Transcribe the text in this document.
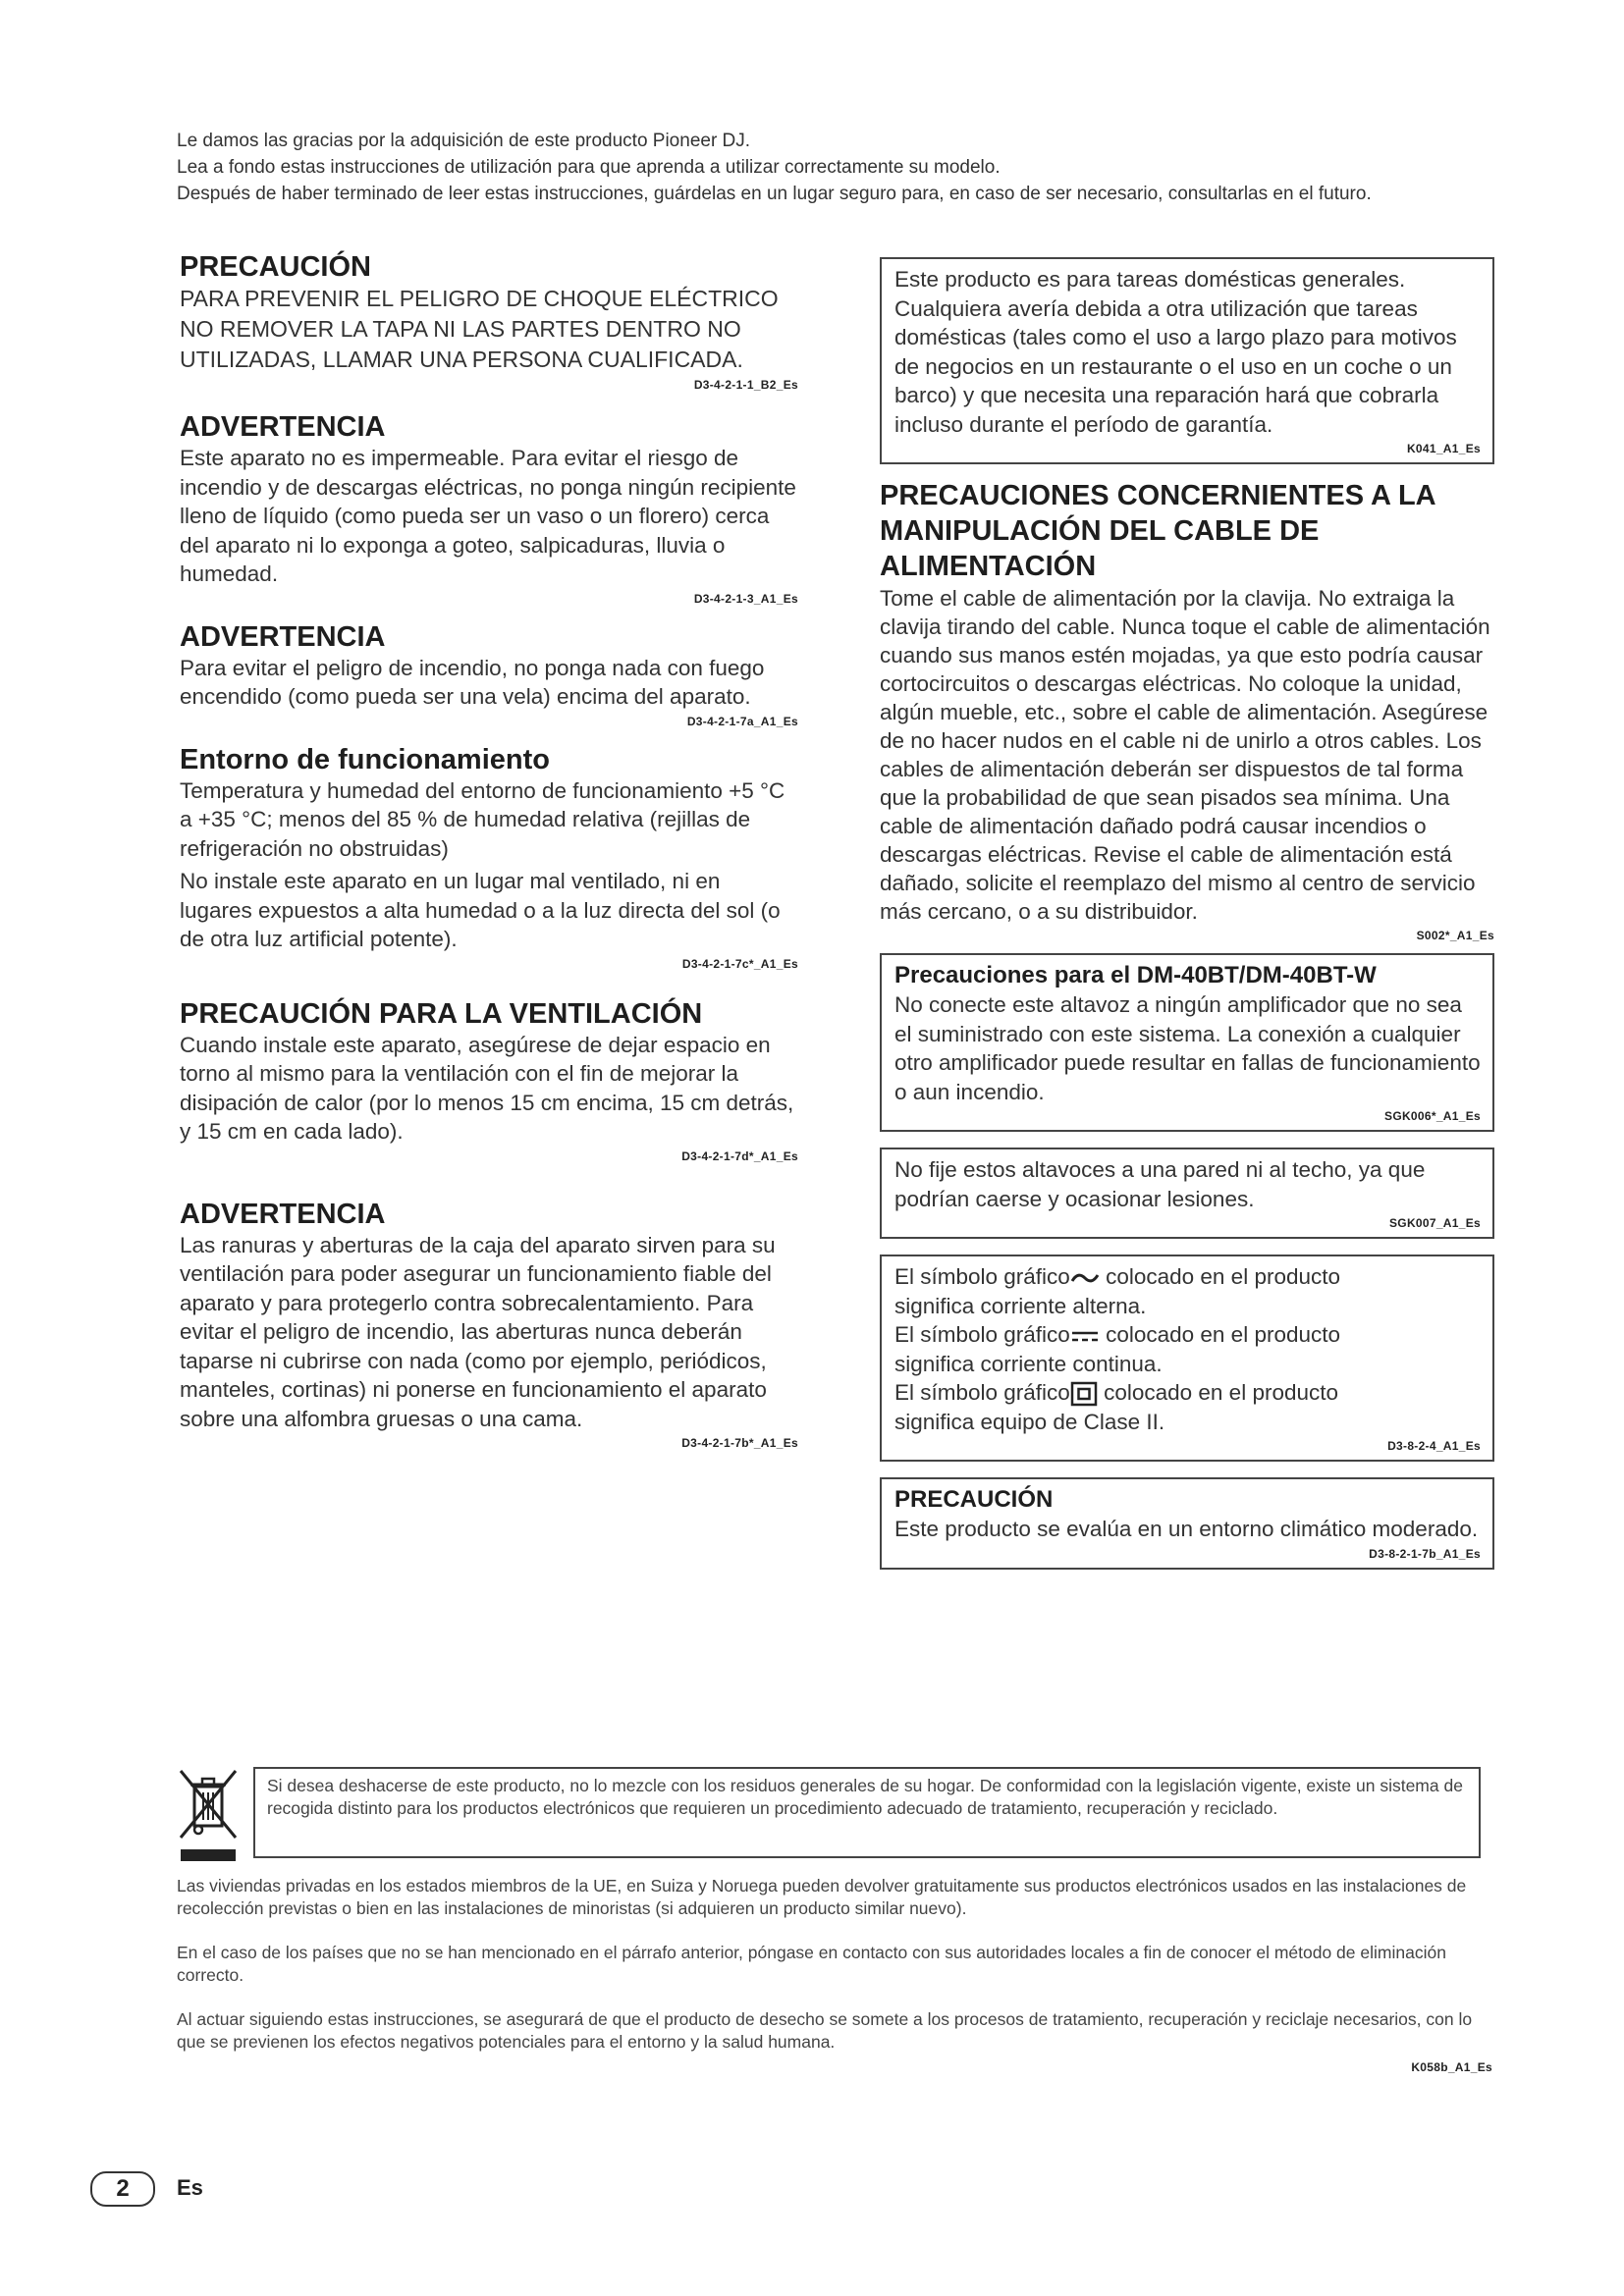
Le damos las gracias por la adquisición de este producto Pioneer DJ.

Lea a fondo estas instrucciones de utilización para que aprenda a utilizar correctamente su modelo.

Después de haber terminado de leer estas instrucciones, guárdelas en un lugar seguro para, en caso de ser necesario, consultarlas en el futuro.

PRECAUCIÓN

PARA PREVENIR EL PELIGRO DE CHOQUE ELÉCTRICO

NO REMOVER LA TAPA NI LAS PARTES DENTRO NO

UTILIZADAS, LLAMAR UNA PERSONA CUALIFICADA.

D3-4-2-1-1_B2_Es

ADVERTENCIA

Este aparato no es impermeable. Para evitar el riesgo de incendio y de descargas eléctricas, no ponga ningún recipiente lleno de líquido (como pueda ser un vaso o un florero) cerca del aparato ni lo exponga a goteo, salpicaduras, lluvia o humedad.

D3-4-2-1-3_A1_Es

ADVERTENCIA

Para evitar el peligro de incendio, no ponga nada con fuego encendido (como pueda ser una vela) encima del aparato.

D3-4-2-1-7a_A1_Es

Entorno de funcionamiento

Temperatura y humedad del entorno de funcionamiento +5 °C a +35 °C; menos del 85 % de humedad relativa (rejillas de refrigeración no obstruidas)

No instale este aparato en un lugar mal ventilado, ni en lugares expuestos a alta humedad o a la luz directa del sol (o de otra luz artificial potente).

D3-4-2-1-7c*_A1_Es

PRECAUCIÓN PARA LA VENTILACIÓN

Cuando instale este aparato, asegúrese de dejar espacio en torno al mismo para la ventilación con el fin de mejorar la disipación de calor (por lo menos 15 cm encima, 15 cm detrás, y 15 cm en cada lado).

D3-4-2-1-7d*_A1_Es

ADVERTENCIA

Las ranuras y aberturas de la caja del aparato sirven para su ventilación para poder asegurar un funcionamiento fiable del aparato y para protegerlo contra sobrecalentamiento. Para evitar el peligro de incendio, las aberturas nunca deberán taparse ni cubrirse con nada (como por ejemplo, periódicos, manteles, cortinas) ni ponerse en funcionamiento el aparato sobre una alfombra gruesas o una cama.

D3-4-2-1-7b*_A1_Es

Este producto es para tareas domésticas generales. Cualquiera avería debida a otra utilización que tareas domésticas (tales como el uso a largo plazo para motivos de negocios en un restaurante o el uso en un coche o un barco) y que necesita una reparación hará que cobrarla incluso durante el período de garantía.

K041_A1_Es

PRECAUCIONES CONCERNIENTES A LA MANIPULACIÓN DEL CABLE DE ALIMENTACIÓN

Tome el cable de alimentación por la clavija. No extraiga la clavija tirando del cable. Nunca toque el cable de alimentación cuando sus manos estén mojadas, ya que esto podría causar cortocircuitos o descargas eléctricas. No coloque la unidad, algún mueble, etc., sobre el cable de alimentación. Asegúrese de no hacer nudos en el cable ni de unirlo a otros cables. Los cables de alimentación deberán ser dispuestos de tal forma que la probabilidad de que sean pisados sea mínima. Una cable de alimentación dañado podrá causar incendios o descargas eléctricas. Revise el cable de alimentación está dañado, solicite el reemplazo del mismo al centro de servicio más cercano, o a su distribuidor.

S002*_A1_Es

Precauciones para el DM-40BT/DM-40BT-W

No conecte este altavoz a ningún amplificador que no sea el suministrado con este sistema. La conexión a cualquier otro amplificador puede resultar en fallas de funcionamiento o aun incendio.

SGK006*_A1_Es

No fije estos altavoces a una pared ni al techo, ya que podrían caerse y ocasionar lesiones.

SGK007_A1_Es

El símbolo gráfico colocado en el producto

significa corriente alterna.

El símbolo gráfico colocado en el producto

significa corriente continua.

El símbolo gráfico colocado en el producto

significa equipo de Clase II.

D3-8-2-4_A1_Es

PRECAUCIÓN

Este producto se evalúa en un entorno climático moderado.

D3-8-2-1-7b_A1_Es

Si desea deshacerse de este producto, no lo mezcle con los residuos generales de su hogar. De conformidad con la legislación vigente, existe un sistema de recogida distinto para los productos electrónicos que requieren un procedimiento adecuado de tratamiento, recuperación y reciclado.

Las viviendas privadas en los estados miembros de la UE, en Suiza y Noruega pueden devolver gratuitamente sus productos electrónicos usados en las instalaciones de recolección previstas o bien en las instalaciones de minoristas (si adquieren un producto similar nuevo).

En el caso de los países que no se han mencionado en el párrafo anterior, póngase en contacto con sus autoridades locales a fin de conocer el método de eliminación correcto.

Al actuar siguiendo estas instrucciones, se asegurará de que el producto de desecho se somete a los procesos de tratamiento, recuperación y reciclaje necesarios, con lo que se previenen los efectos negativos potenciales para el entorno y la salud humana.

K058b_A1_Es

2	Es
